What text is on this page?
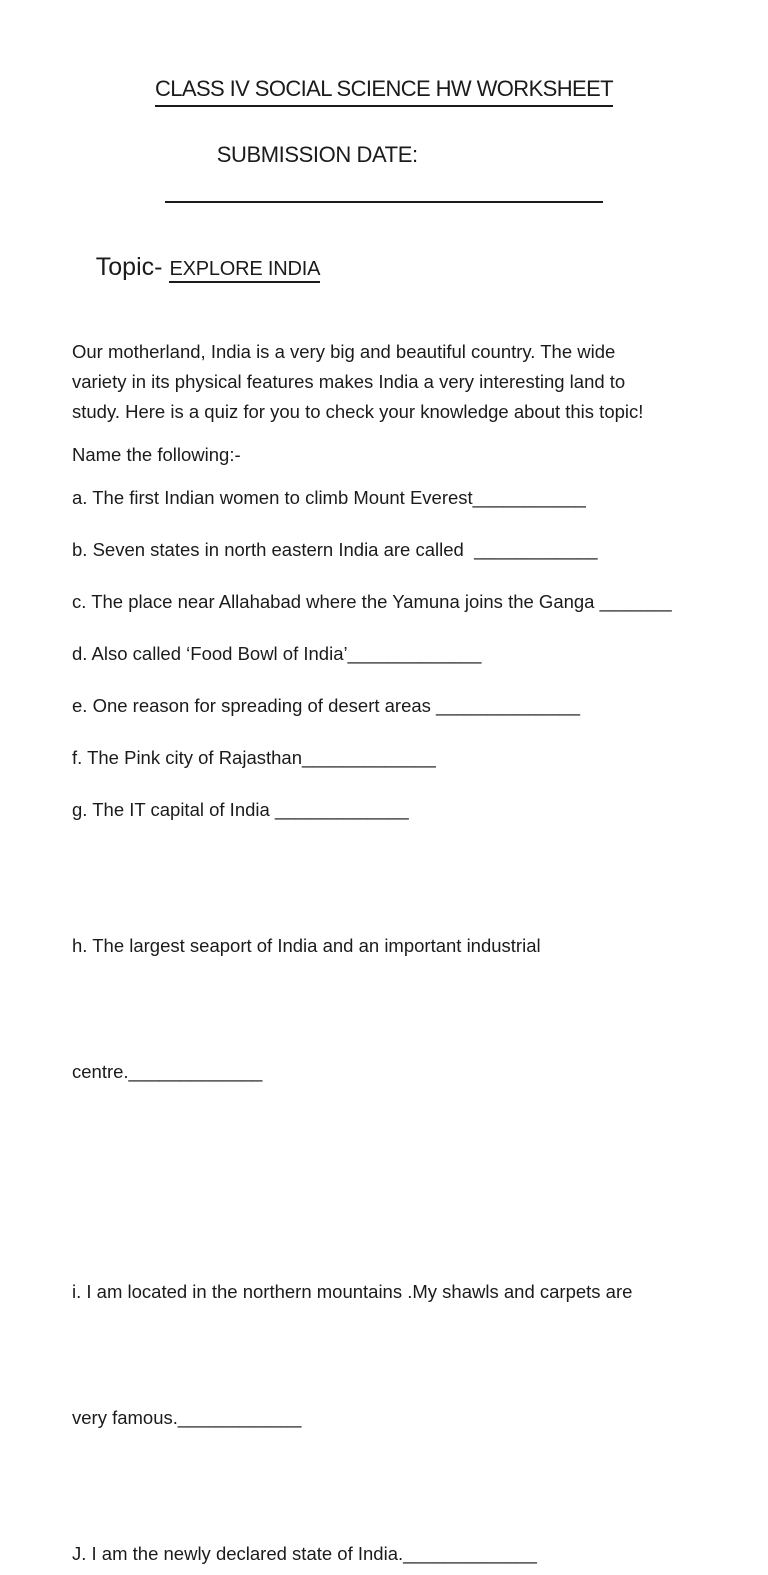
CLASS IV SOCIAL SCIENCE HW WORKSHEET

SUBMISSION DATE:

Topic- EXPLORE INDIA

Our motherland, India is a very big and beautiful country. The wide
variety in its physical features makes India a very interesting land to
study. Here is a quiz for you to check your knowledge about this topic!
Name the following:-
a. The first Indian women to climb Mount Everest___________
b. Seven states in north eastern India are called  ____________
c. The place near Allahabad where the Yamuna joins the Ganga _______
d. Also called ‘Food Bowl of India’_____________
e. One reason for spreading of desert areas ______________
f. The Pink city of Rajasthan_____________
g. The IT capital of India _____________

h. The largest seaport of India and an important industrial

centre._____________

i. I am located in the northern mountains .My shawls and carpets are

very famous.____________

J. I am the newly declared state of India._____________
